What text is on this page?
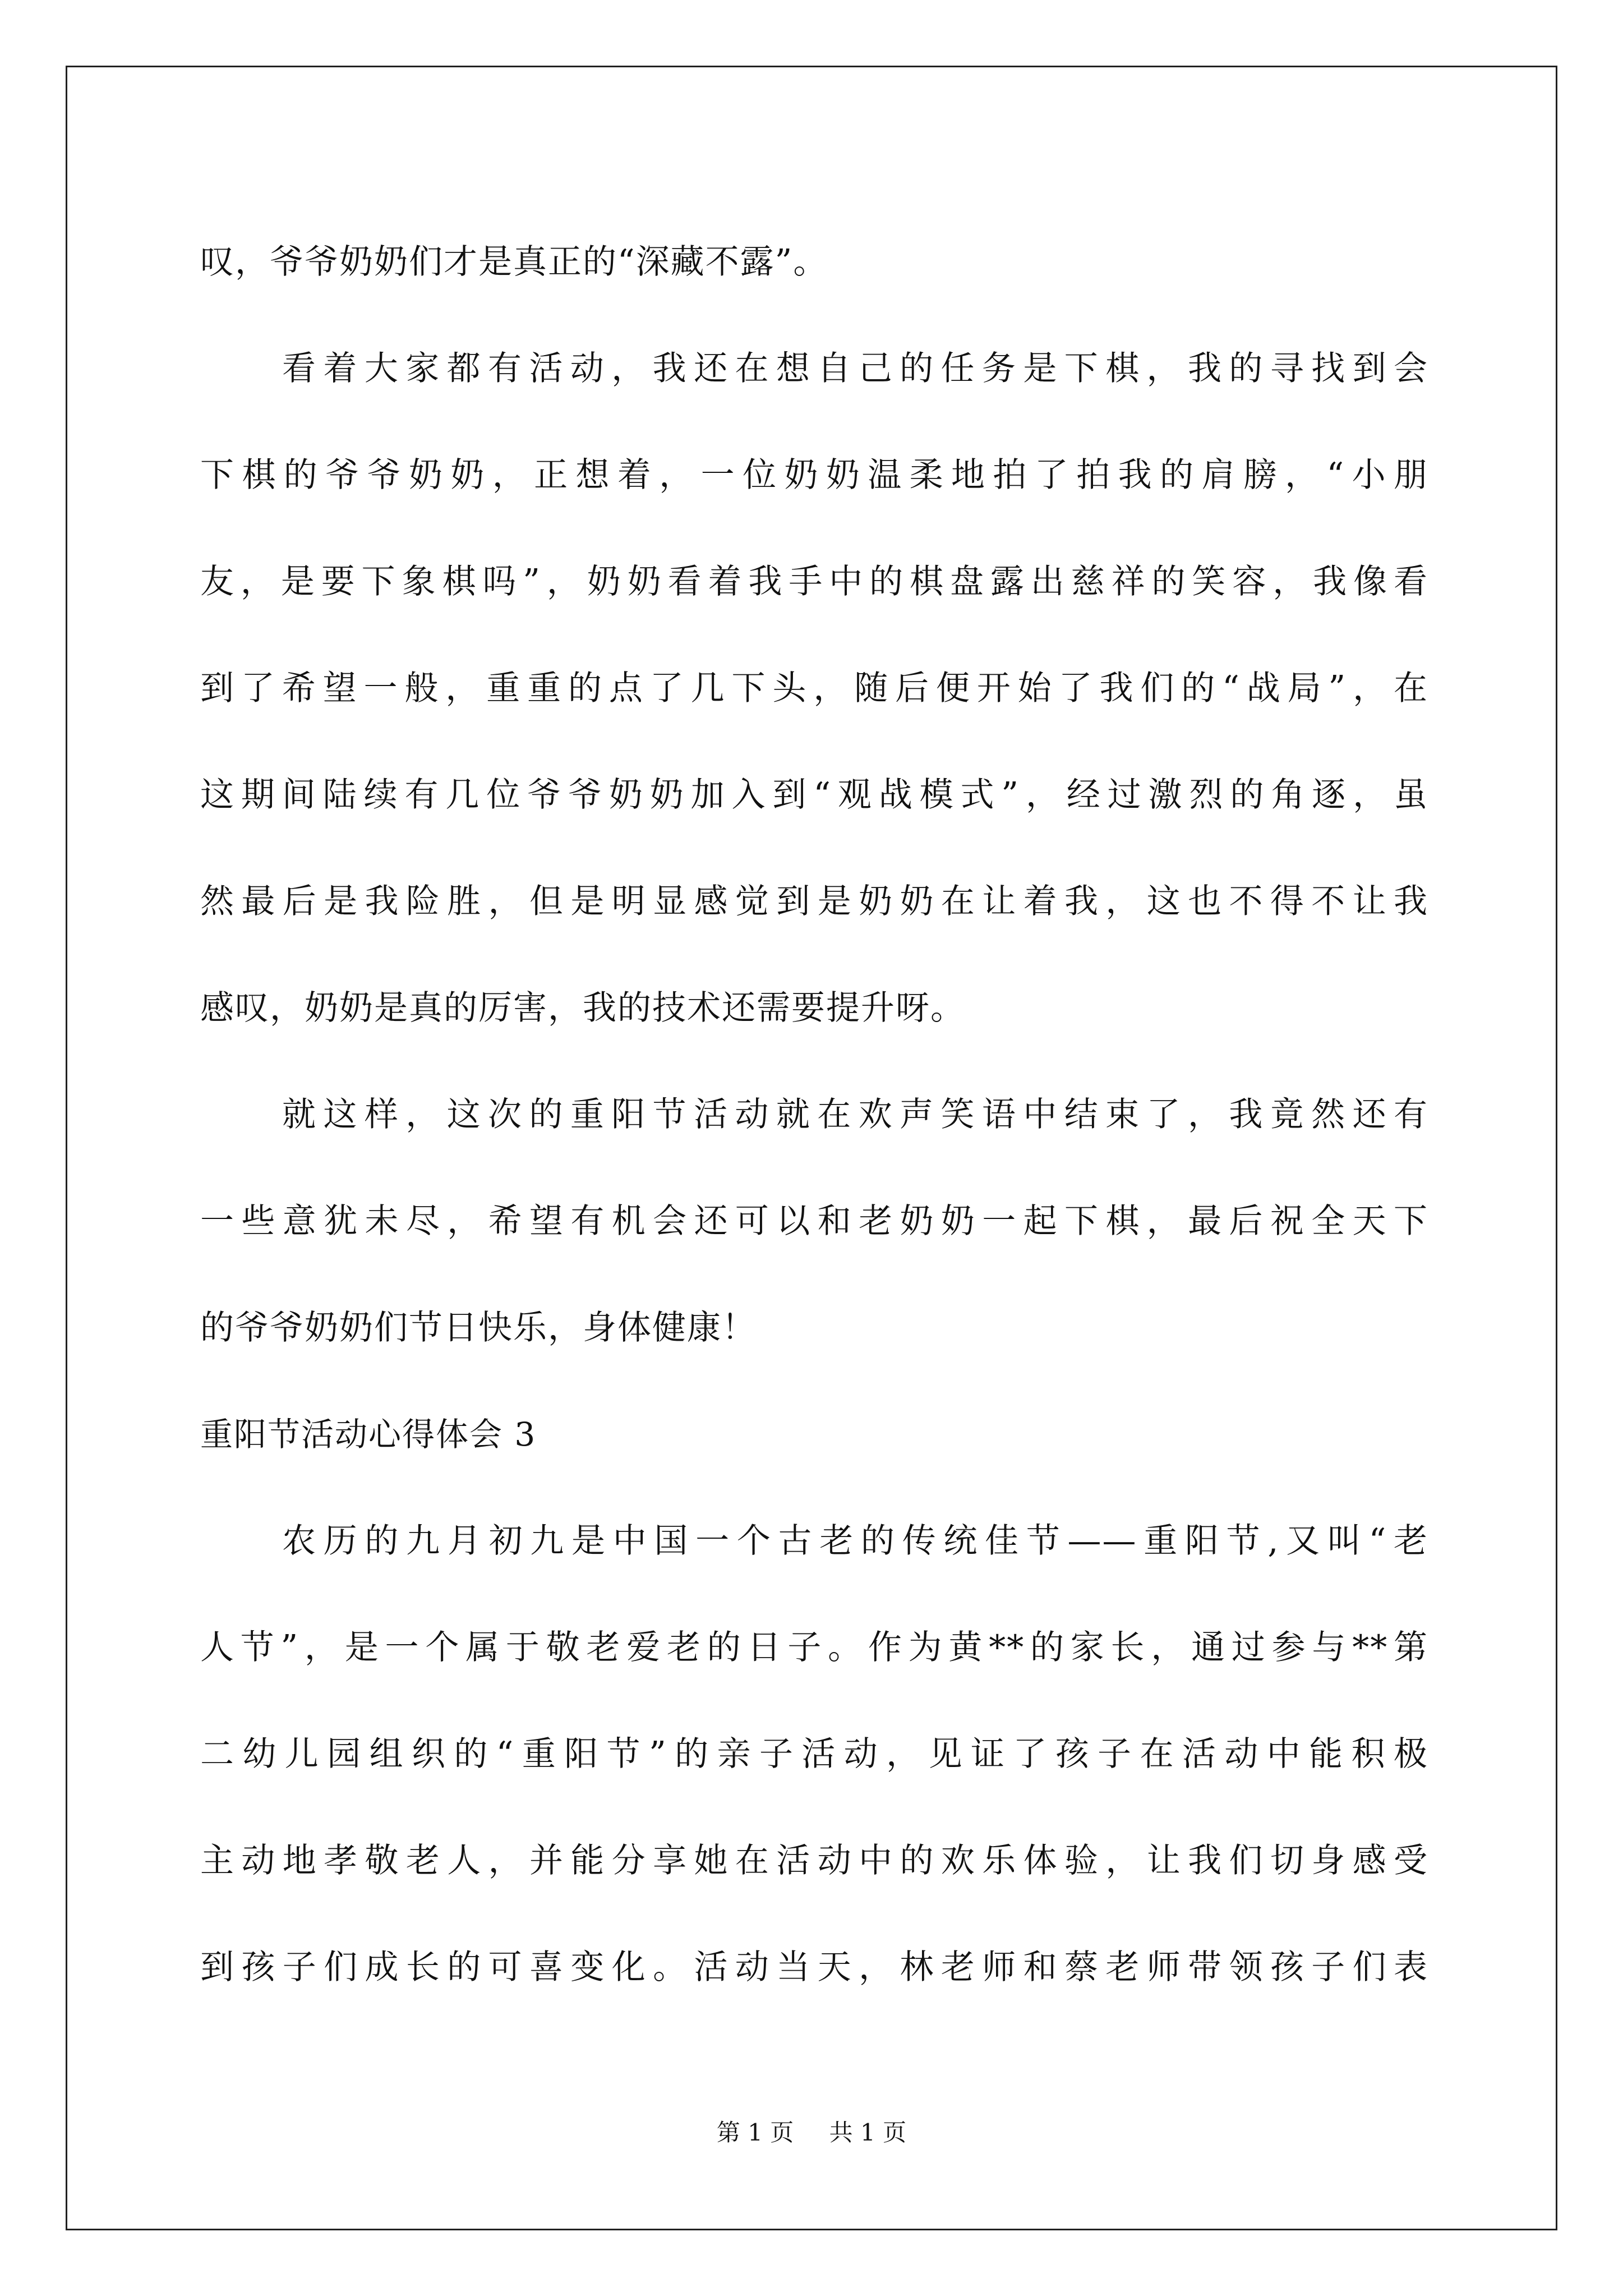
叹，爷爷奶奶们才是真正的“深藏不露”。
看着大家都有活动，我还在想自己的任务是下棋，我的寻找到会
下棋的爷爷奶奶，正想着，一位奶奶温柔地拍了拍我的肩膀，“小朋
友，是要下象棋吗”，奶奶看着我手中的棋盘露出慈祥的笑容，我像看
到了希望一般，重重的点了几下头，随后便开始了我们的“战局”，在
这期间陆续有几位爷爷奶奶加入到“观战模式”，经过激烈的角逐，虽
然最后是我险胜，但是明显感觉到是奶奶在让着我，这也不得不让我
感叹，奶奶是真的厉害，我的技术还需要提升呀。
就这样，这次的重阳节活动就在欢声笑语中结束了，我竟然还有
一些意犹未尽，希望有机会还可以和老奶奶一起下棋，最后祝全天下
的爷爷奶奶们节日快乐，身体健康！
重阳节活动心得体会 3
农历的九月初九是中国一个古老的传统佳节——重阳节,又叫“老
人节”，是一个属于敬老爱老的日子。作为黄**的家长，通过参与**第
二幼儿园组织的“重阳节”的亲子活动，见证了孩子在活动中能积极
主动地孝敬老人，并能分享她在活动中的欢乐体验，让我们切身感受
到孩子们成长的可喜变化。活动当天，林老师和蔡老师带领孩子们表
第 1 页 共 1 页
